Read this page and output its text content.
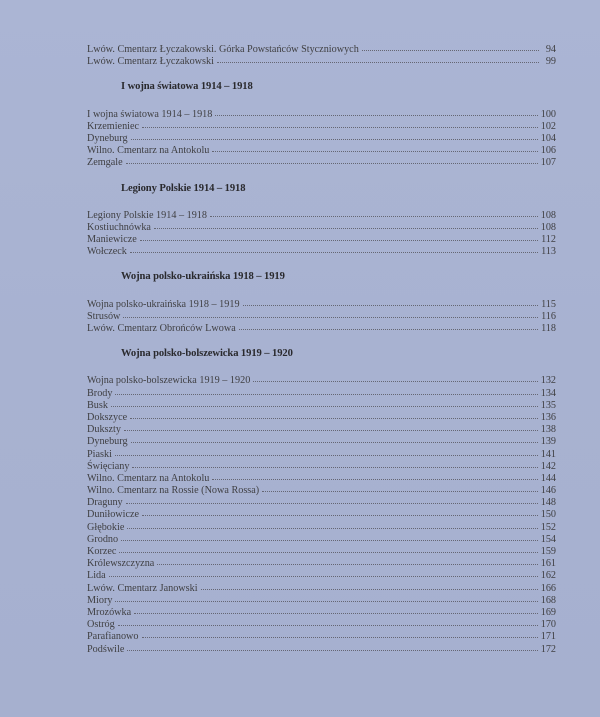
Lwów. Cmentarz Łyczakowski. Górka Powstańców Styczniowych	94
Lwów. Cmentarz Łyczakowski	99
I wojna światowa 1914 – 1918
I wojna światowa 1914 – 1918	100
Krzemieniec	102
Dyneburg	104
Wilno. Cmentarz na Antokolu	106
Zemgale	107
Legiony Polskie 1914 – 1918
Legiony Polskie 1914 – 1918	108
Kostiuchnówka	108
Maniewicze	112
Wołczeck	113
Wojna polsko-ukraińska 1918 – 1919
Wojna polsko-ukraińska 1918 – 1919	115
Strusów	116
Lwów. Cmentarz Obrońców Lwowa	118
Wojna polsko-bolszewicka 1919 – 1920
Wojna polsko-bolszewicka 1919 – 1920	132
Brody	134
Busk	135
Dokszyce	136
Dukszty	138
Dyneburg	139
Piaski	141
Święciany	142
Wilno. Cmentarz na Antokolu	144
Wilno. Cmentarz na Rossie (Nowa Rossa)	146
Draguny	148
Duniłowicze	150
Głębokie	152
Grodno	154
Korzec	159
Królewszczyzna	161
Lida	162
Lwów. Cmentarz Janowski	166
Miory	168
Mrozówka	169
Ostróg	170
Parafianowo	171
Podświle	172
